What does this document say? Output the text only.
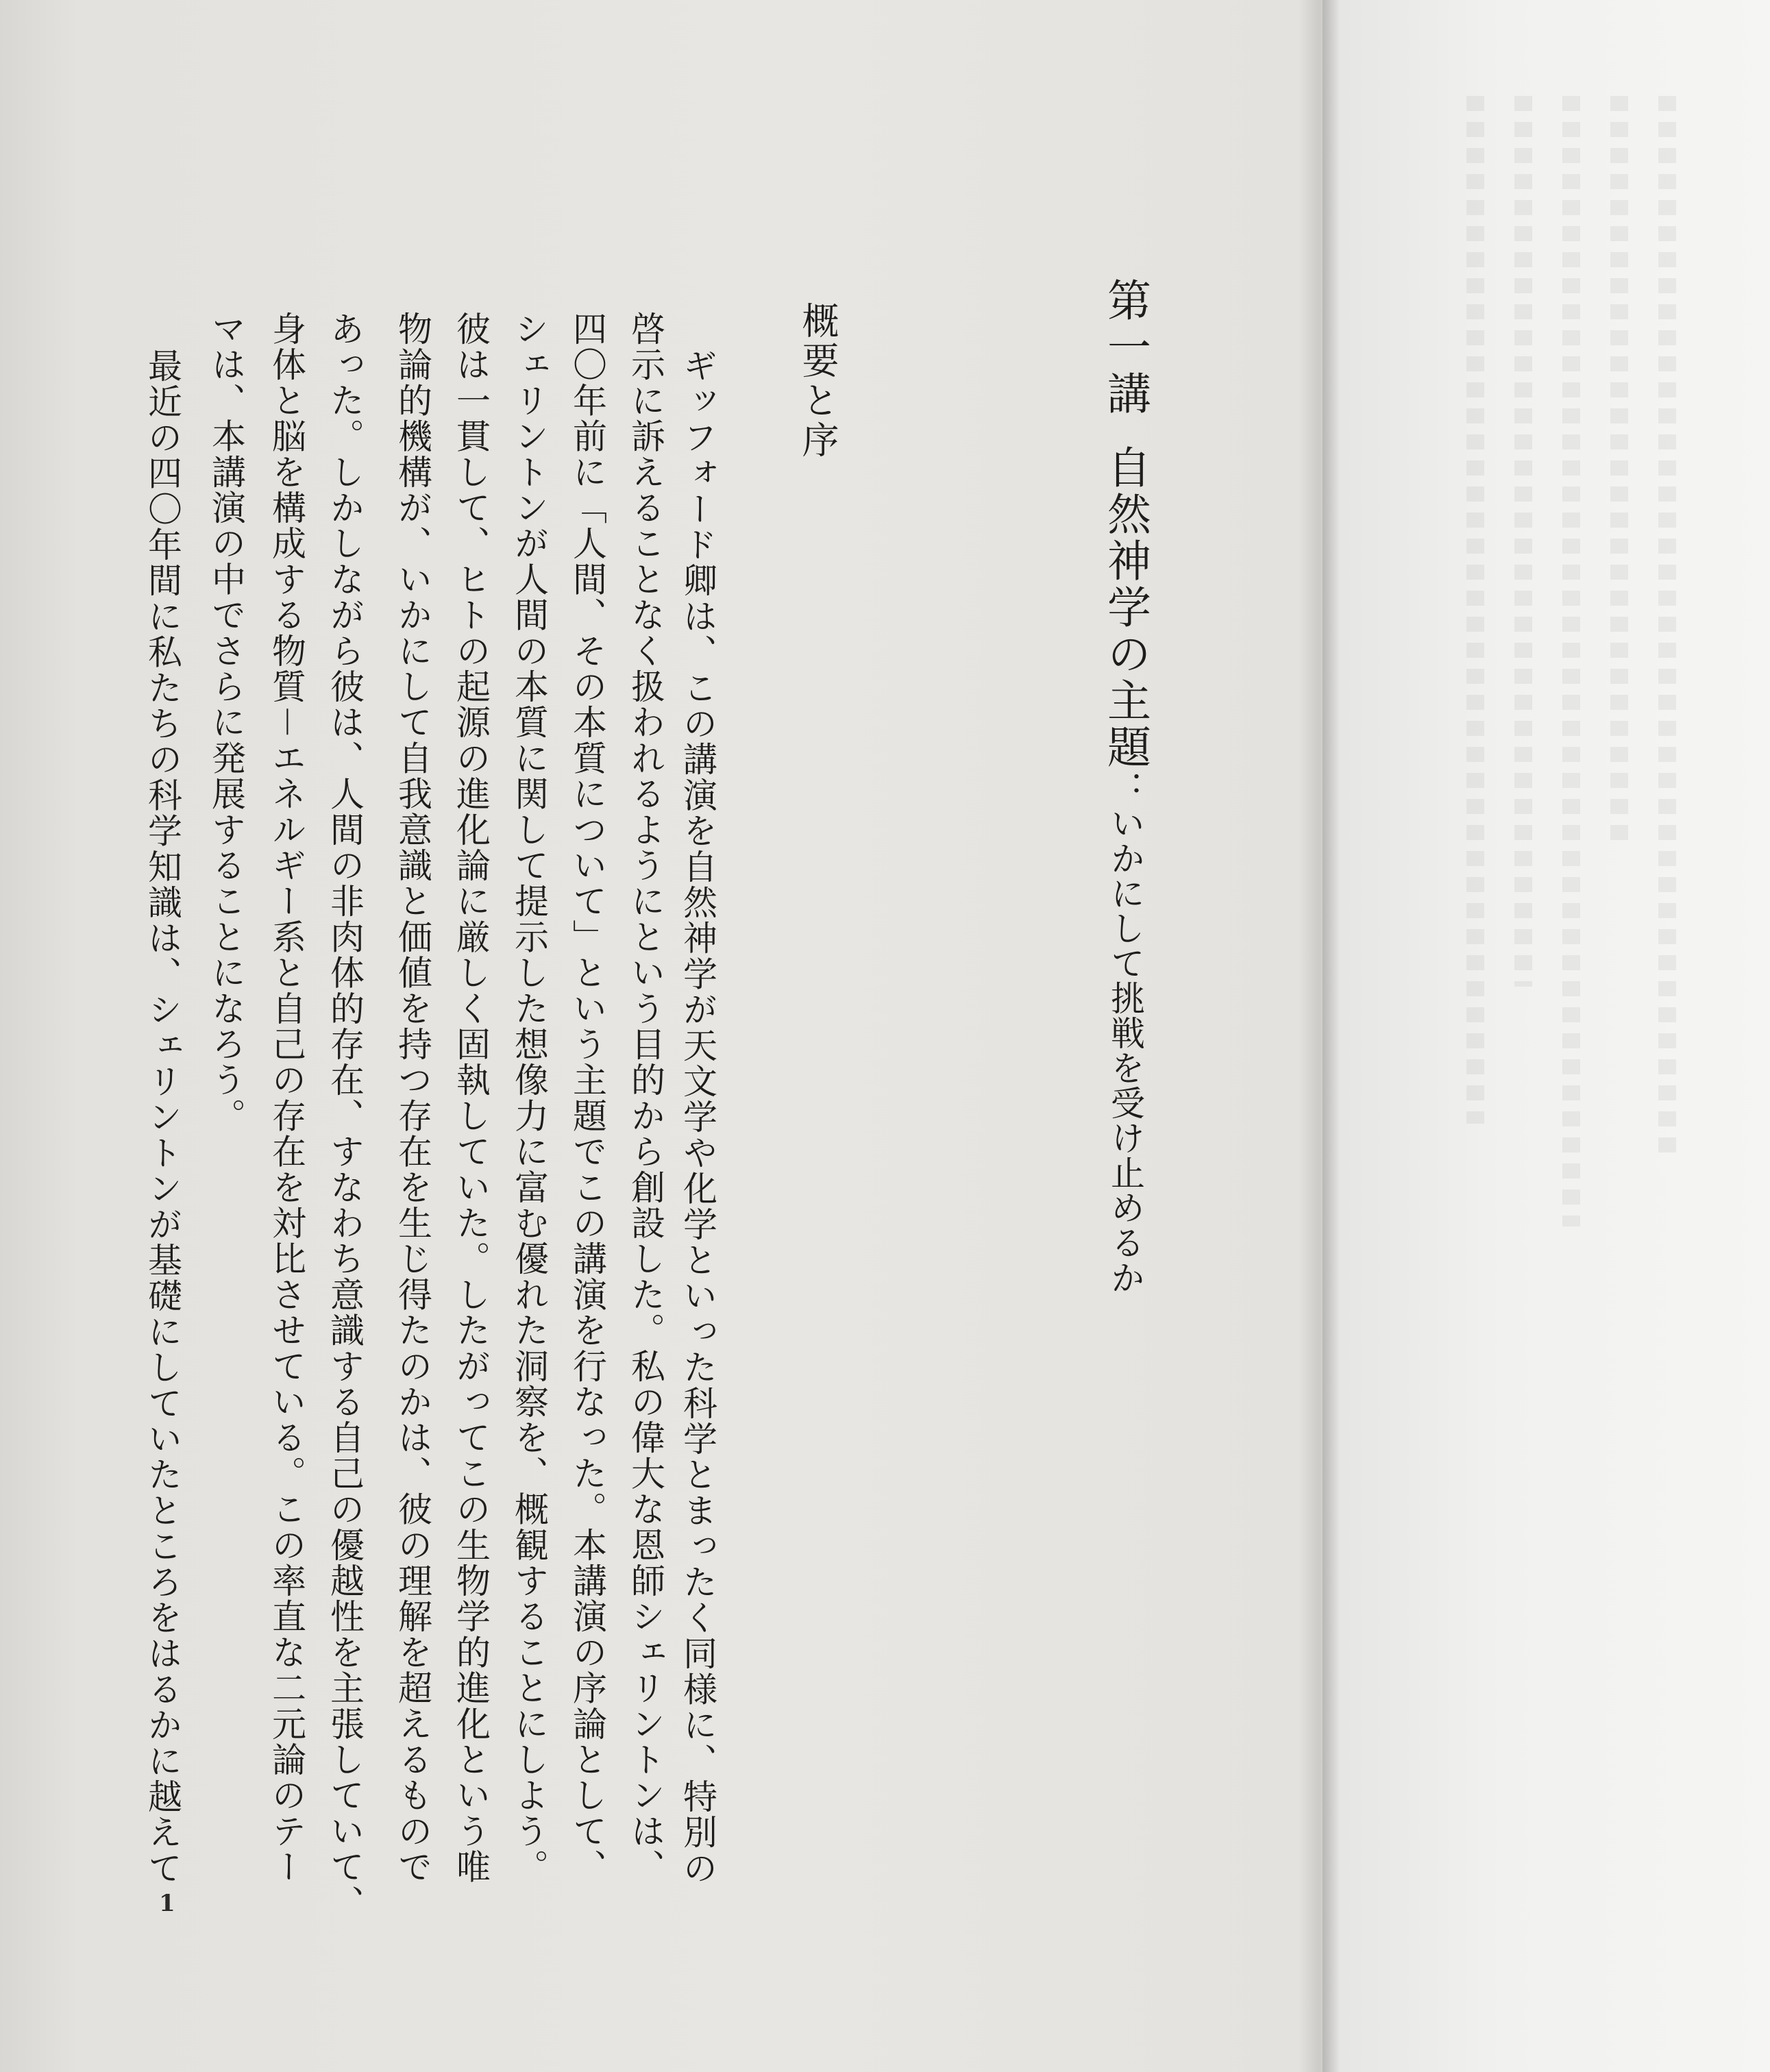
第一講自然神学の主題：いかにして挑戦を受け止めるか
概要と序
ギッフォード卿は、この講演を自然神学が天文学や化学といった科学とまったく同様に、特別の
啓示に訴えることなく扱われるようにという目的から創設した。私の偉大な恩師シェリントンは、
四〇年前に「人間、その本質について」という主題でこの講演を行なった。本講演の序論として、
シェリントンが人間の本質に関して提示した想像力に富む優れた洞察を、概観することにしよう。
彼は一貫して、ヒトの起源の進化論に厳しく固執していた。したがってこの生物学的進化という唯
物論的機構が、いかにして自我意識と価値を持つ存在を生じ得たのかは、彼の理解を超えるもので
あった。しかしながら彼は、人間の非肉体的存在、すなわち意識する自己の優越性を主張していて、
身体と脳を構成する物質－エネルギー系と自己の存在を対比させている。この率直な二元論のテー
マは、本講演の中でさらに発展することになろう。
最近の四〇年間に私たちの科学知識は、シェリントンが基礎にしていたところをはるかに越えて
1
